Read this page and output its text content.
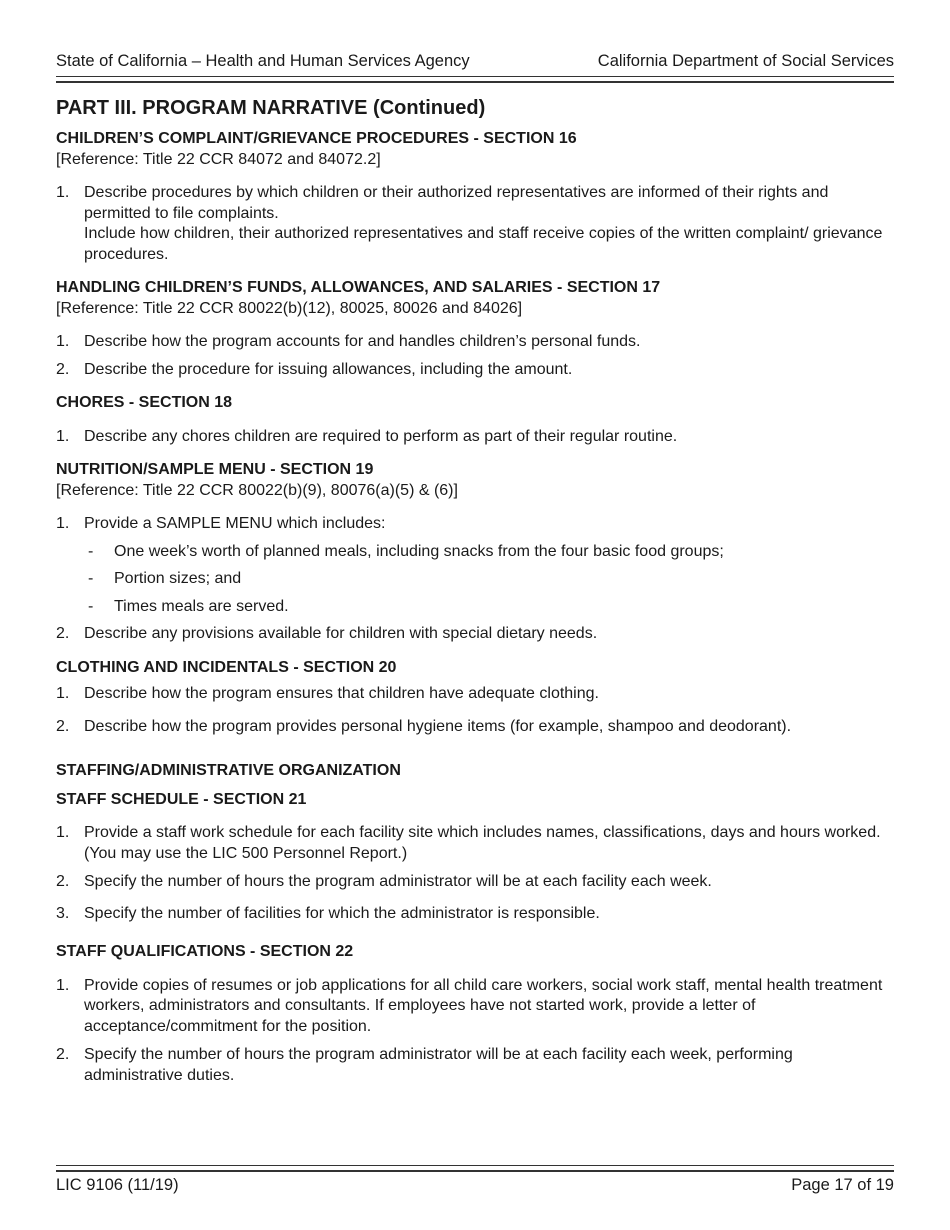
State of California – Health and Human Services Agency	California Department of Social Services
PART III. PROGRAM NARRATIVE (Continued)
CHILDREN’S COMPLAINT/GRIEVANCE PROCEDURES - SECTION 16

[Reference: Title 22 CCR 84072 and 84072.2]

1. Describe procedures by which children or their authorized representatives are informed of their rights and permitted to file complaints.
Include how children, their authorized representatives and staff receive copies of the written complaint/ grievance procedures.
HANDLING CHILDREN’S FUNDS, ALLOWANCES, AND SALARIES - SECTION 17

[Reference: Title 22 CCR 80022(b)(12), 80025, 80026 and 84026]

1. Describe how the program accounts for and handles children’s personal funds.
2. Describe the procedure for issuing allowances, including the amount.
CHORES - SECTION 18
1. Describe any chores children are required to perform as part of their regular routine.
NUTRITION/SAMPLE MENU - SECTION 19

[Reference: Title 22 CCR 80022(b)(9), 80076(a)(5) & (6)]

1. Provide a SAMPLE MENU which includes:
- One week’s worth of planned meals, including snacks from the four basic food groups;
- Portion sizes; and
- Times meals are served.
2. Describe any provisions available for children with special dietary needs.
CLOTHING AND INCIDENTALS - SECTION 20
1. Describe how the program ensures that children have adequate clothing.
2. Describe how the program provides personal hygiene items (for example, shampoo and deodorant).
STAFFING/ADMINISTRATIVE ORGANIZATION
STAFF SCHEDULE - SECTION 21
1. Provide a staff work schedule for each facility site which includes names, classifications, days and hours worked. (You may use the LIC 500 Personnel Report.)
2. Specify the number of hours the program administrator will be at each facility each week.
3. Specify the number of facilities for which the administrator is responsible.
STAFF QUALIFICATIONS - SECTION 22
1. Provide copies of resumes or job applications for all child care workers, social work staff, mental health treatment workers, administrators and consultants. If employees have not started work, provide a letter of acceptance/commitment for the position.
2. Specify the number of hours the program administrator will be at each facility each week, performing administrative duties.
LIC 9106 (11/19)	Page 17 of 19
